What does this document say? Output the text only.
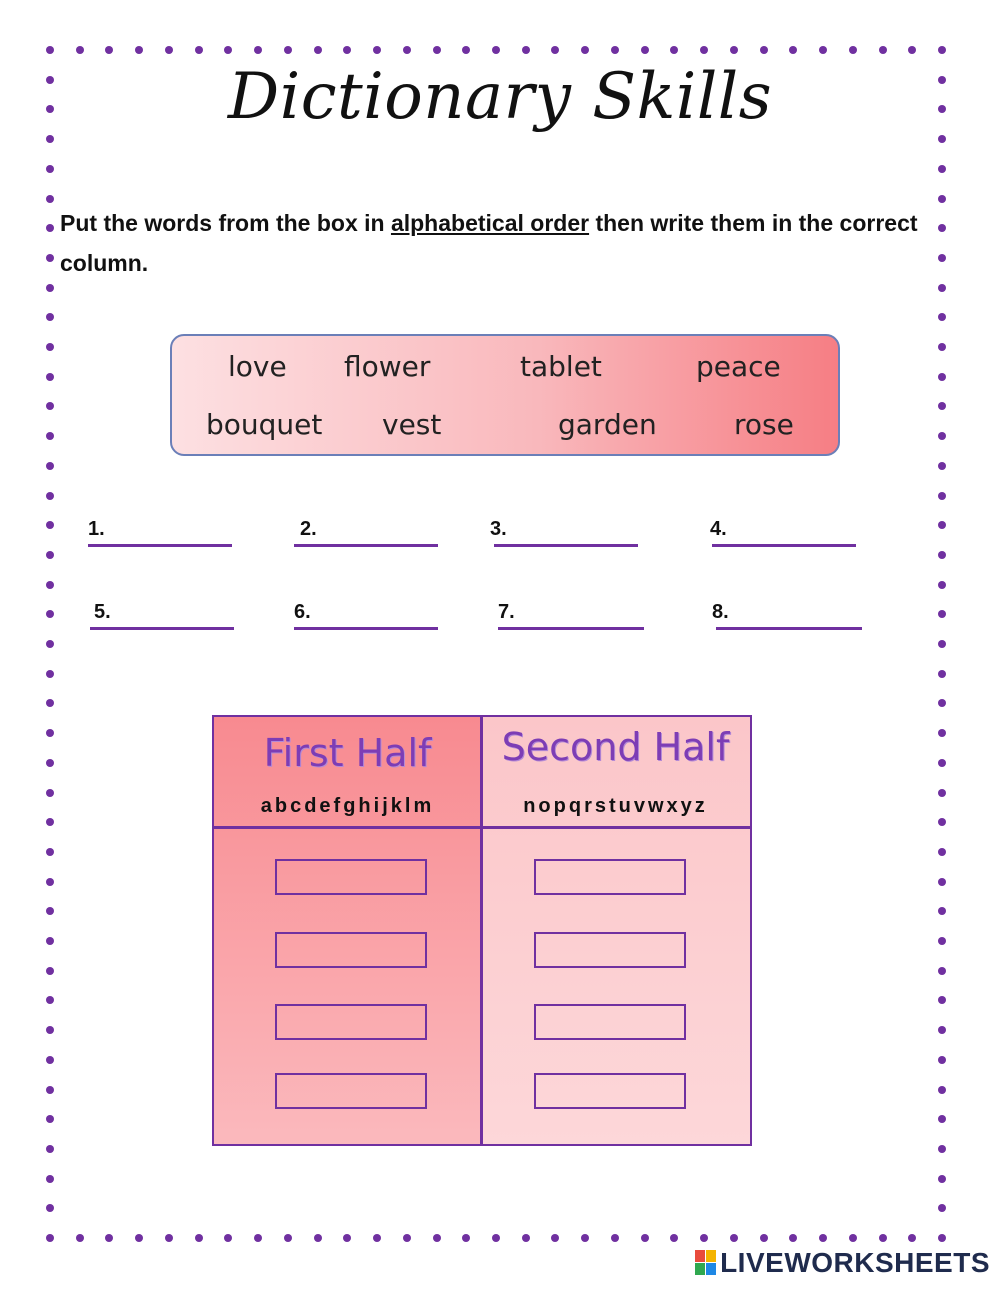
Dictionary Skills
Put the words from the box in alphabetical order then write them in the correct column.
love flower	tablet	peace
bouquet vest	garden	rose
1.	2.	3.	4.
5.	6.	7.	8.
First Half
abcdefghijklm
Second Half
nopqrstuvwxyz
LIVEWORKSHEETS
